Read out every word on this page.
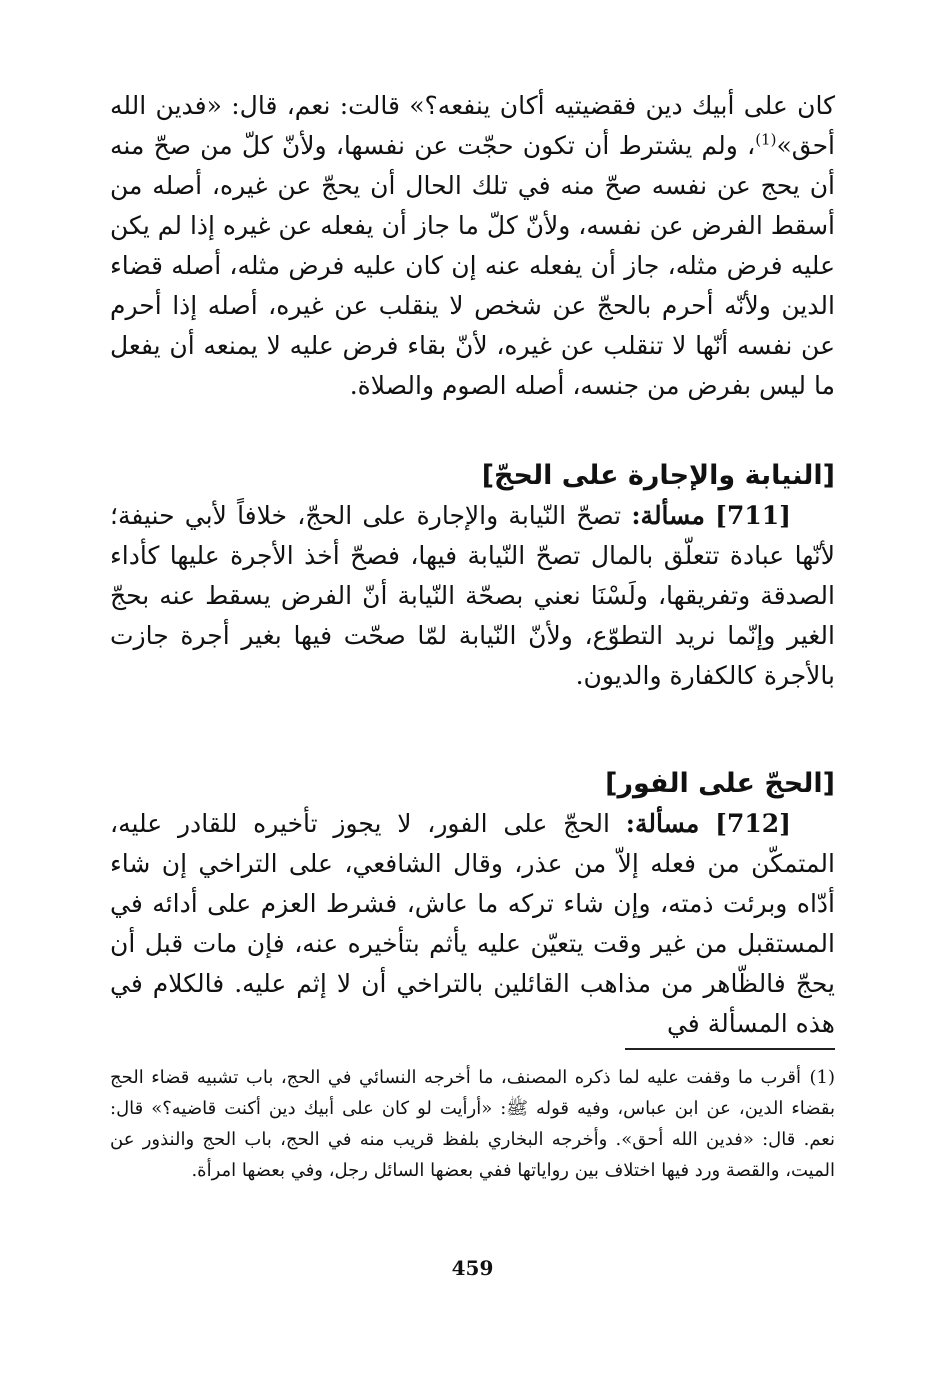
كان على أبيك دين فقضيتيه أكان ينفعه؟» قالت: نعم، قال: «فدين الله أحق»$^{(1)}$، ولم يشترط أن تكون حجّت عن نفسها، ولأنّ كلّ من صحّ منه أن يحج عن نفسه صحّ منه في تلك الحال أن يحجّ عن غيره، أصله من أسقط الفرض عن نفسه، ولأنّ كلّ ما جاز أن يفعله عن غيره إذا لم يكن عليه فرض مثله، جاز أن يفعله عنه إن كان عليه فرض مثله، أصله قضاء الدين ولأنّه أحرم بالحجّ عن شخص لا ينقلب عن غيره، أصله إذا أحرم عن نفسه أنّها لا تنقلب عن غيره، لأنّ بقاء فرض عليه لا يمنعه أن يفعل ما ليس بفرض من جنسه، أصله الصوم والصلاة.

[النيابة والإجارة على الحجّ]

[711] مسألة: تصحّ النّيابة والإجارة على الحجّ، خلافاً لأبي حنيفة؛ لأنّها عبادة تتعلّق بالمال تصحّ النّيابة فيها، فصحّ أخذ الأجرة عليها كأداء الصدقة وتفريقها، ولَسْنَا نعني بصحّة النّيابة أنّ الفرض يسقط عنه بحجّ الغير وإنّما نريد التطوّع، ولأنّ النّيابة لمّا صحّت فيها بغير أجرة جازت بالأجرة كالكفارة والديون.

[الحجّ على الفور]

[712] مسألة: الحجّ على الفور، لا يجوز تأخيره للقادر عليه، المتمكّن من فعله إلاّ من عذر، وقال الشافعي، على التراخي إن شاء أدّاه وبرئت ذمته، وإن شاء تركه ما عاش، فشرط العزم على أدائه في المستقبل من غير وقت يتعيّن عليه يأثم بتأخيره عنه، فإن مات قبل أن يحجّ فالظّاهر من مذاهب القائلين بالتراخي أن لا إثم عليه. فالكلام في هذه المسألة في

(1)أقرب ما وقفت عليه لما ذكره المصنف، ما أخرجه النسائي في الحج، باب تشبيه قضاء الحج بقضاء الدين، عن ابن عباس، وفيه قوله ﷺ: «أرأيت لو كان على أبيك دين أكنت قاضيه؟» قال: نعم. قال: «فدين الله أحق». وأخرجه البخاري بلفظ قريب منه في الحج، باب الحج والنذور عن الميت، والقصة ورد فيها اختلاف بين رواياتها ففي بعضها السائل رجل، وفي بعضها امرأة.

459
